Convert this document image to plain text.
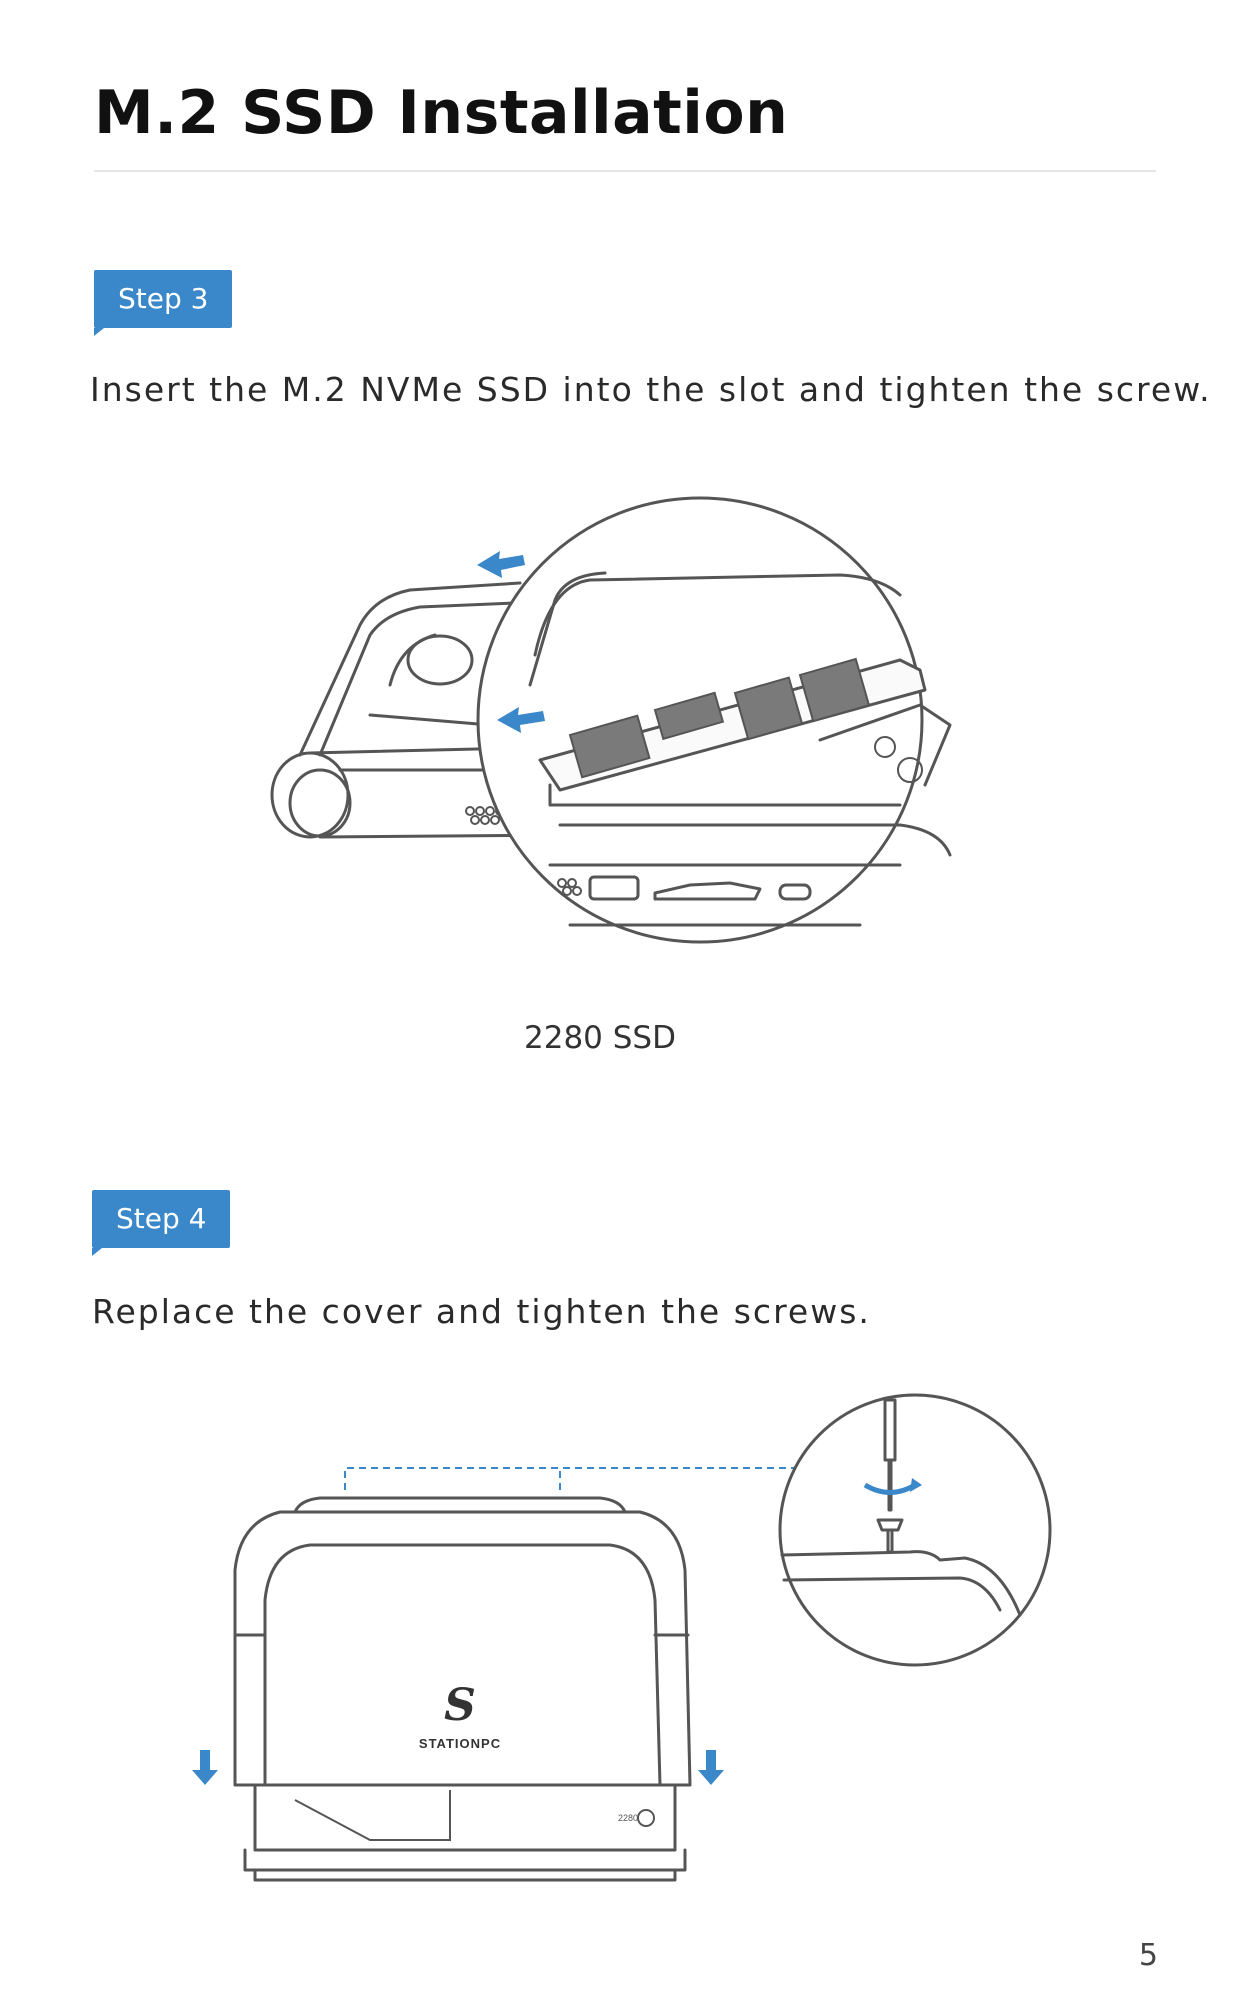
M.2 SSD Installation
Step 3
Insert the M.2 NVMe SSD into the slot and tighten the screw.
2280 SSD
Step 4
Replace the cover and tighten the screws.
S
STATIONPC
2280
5
